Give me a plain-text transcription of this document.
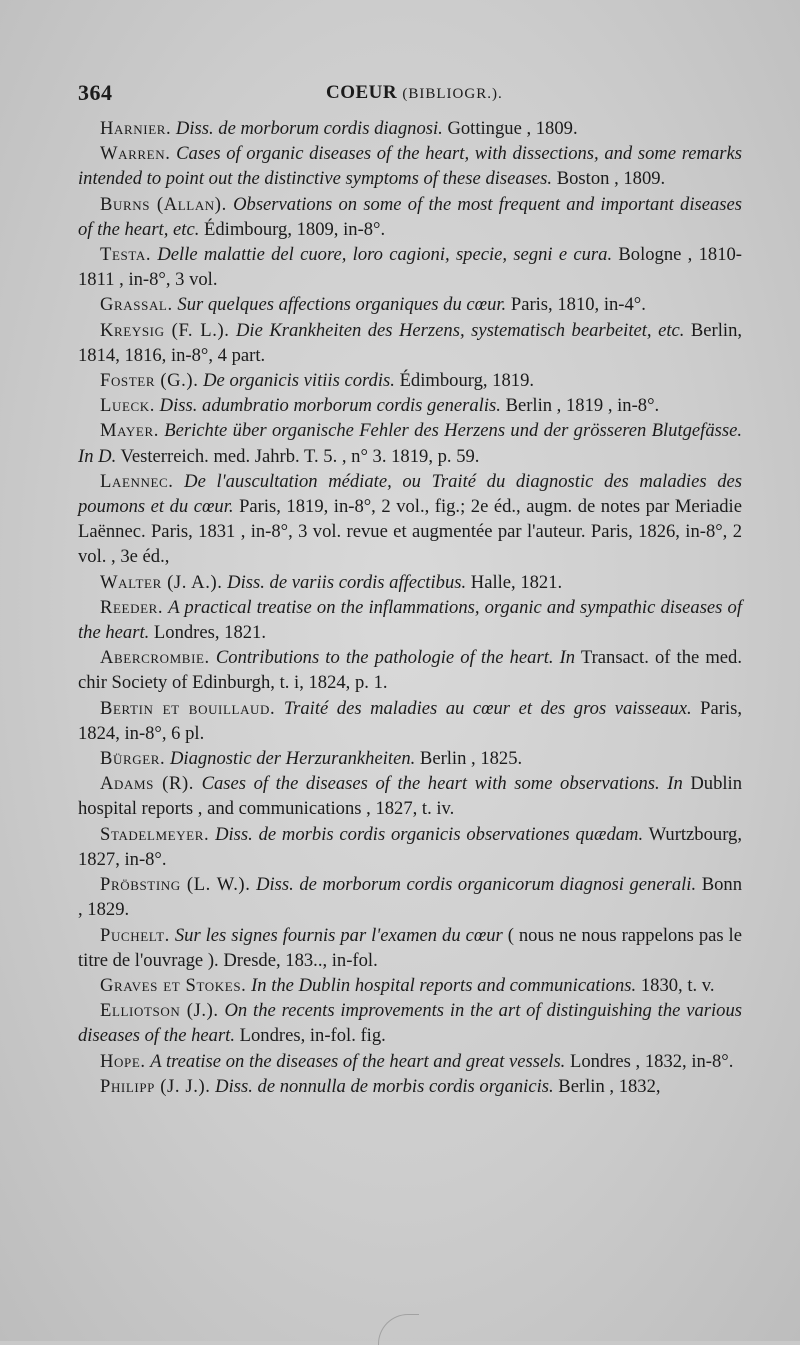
364	COEUR (BIBLIOGR.).

Harnier. Diss. de morborum cordis diagnosi. Gottingue , 1809.

Warren. Cases of organic diseases of the heart, with dissections, and some remarks intended to point out the distinctive symptoms of these diseases. Boston , 1809.

Burns (Allan). Observations on some of the most frequent and important diseases of the heart, etc. Édimbourg, 1809, in-8°.

Testa. Delle malattie del cuore, loro cagioni, specie, segni e cura. Bologne , 1810-1811 , in-8°, 3 vol.

Grassal. Sur quelques affections organiques du cœur. Paris, 1810, in-4°.

Kreysig (F. L.). Die Krankheiten des Herzens, systematisch bearbeitet, etc. Berlin, 1814, 1816, in-8°, 4 part.

Foster (G.). De organicis vitiis cordis. Édimbourg, 1819.

Lueck. Diss. adumbratio morborum cordis generalis. Berlin , 1819 , in-8°.

Mayer. Berichte über organische Fehler des Herzens und der grösseren Blutgefässe. In D. Vesterreich. med. Jahrb. T. 5. , n° 3. 1819, p. 59.

Laennec. De l'auscultation médiate, ou Traité du diagnostic des maladies des poumons et du cœur. Paris, 1819, in-8°, 2 vol., fig.; 2e éd., augm. de notes par Meriadie Laënnec. Paris, 1831 , in-8°, 3 vol. revue et augmentée par l'auteur. Paris, 1826, in-8°, 2 vol. , 3e éd.,

Walter (J. A.). Diss. de variis cordis affectibus. Halle, 1821.

Reeder. A practical treatise on the inflammations, organic and sympathic diseases of the heart. Londres, 1821.

Abercrombie. Contributions to the pathologie of the heart. In Transact. of the med. chir Society of Edinburgh, t. i, 1824, p. 1.

Bertin et bouillaud. Traité des maladies au cœur et des gros vaisseaux. Paris, 1824, in-8°, 6 pl.

Bürger. Diagnostic der Herzurankheiten. Berlin , 1825.

Adams (R). Cases of the diseases of the heart with some observations. In Dublin hospital reports , and communications , 1827, t. iv.

Stadelmeyer. Diss. de morbis cordis organicis observationes quædam. Wurtzbourg, 1827, in-8°.

Pröbsting (L. W.). Diss. de morborum cordis organicorum diagnosi generali. Bonn , 1829.

Puchelt. Sur les signes fournis par l'examen du cœur ( nous ne nous rappelons pas le titre de l'ouvrage ). Dresde, 183.., in-fol.

Graves et Stokes. In the Dublin hospital reports and communications. 1830, t. v.

Elliotson (J.). On the recents improvements in the art of distinguishing the various diseases of the heart. Londres, in-fol. fig.

Hope. A treatise on the diseases of the heart and great vessels. Londres , 1832, in-8°.

Philipp (J. J.). Diss. de nonnulla de morbis cordis organicis. Berlin , 1832,
